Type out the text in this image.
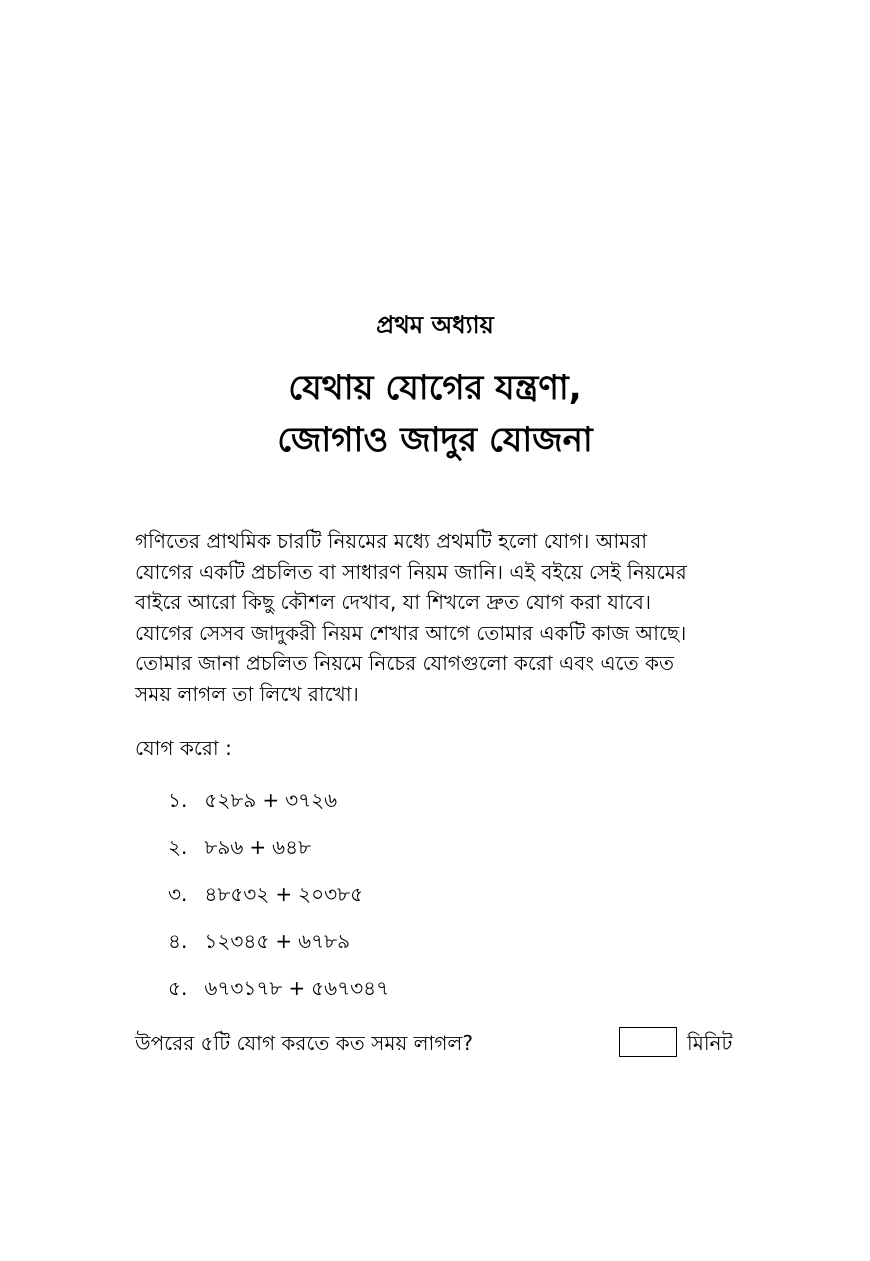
প্রথম অধ্যায়
যেথায় যোগের যন্ত্রণা,
জোগাও জাদুর যোজনা
গণিতের প্রাথমিক চারটি নিয়মের মধ্যে প্রথমটি হলো যোগ। আমরা
যোগের একটি প্রচলিত বা সাধারণ নিয়ম জানি। এই বইয়ে সেই নিয়মের
বাইরে আরো কিছু কৌশল দেখাব, যা শিখলে দ্রুত যোগ করা যাবে।
যোগের সেসব জাদুকরী নিয়ম শেখার আগে তোমার একটি কাজ আছে।
তোমার জানা প্রচলিত নিয়মে নিচের যোগগুলো করো এবং এতে কত
সময় লাগল তা লিখে রাখো।
যোগ করো :
১. ৫২৮৯ + ৩৭২৬
২. ৮৯৬ + ৬৪৮
৩. ৪৮৫৩২ + ২০৩৮৫
৪. ১২৩৪৫ + ৬৭৮৯
৫. ৬৭৩১৭৮ + ৫৬৭৩৪৭
উপরের ৫টি যোগ করতে কত সময় লাগল?	মিনিট
